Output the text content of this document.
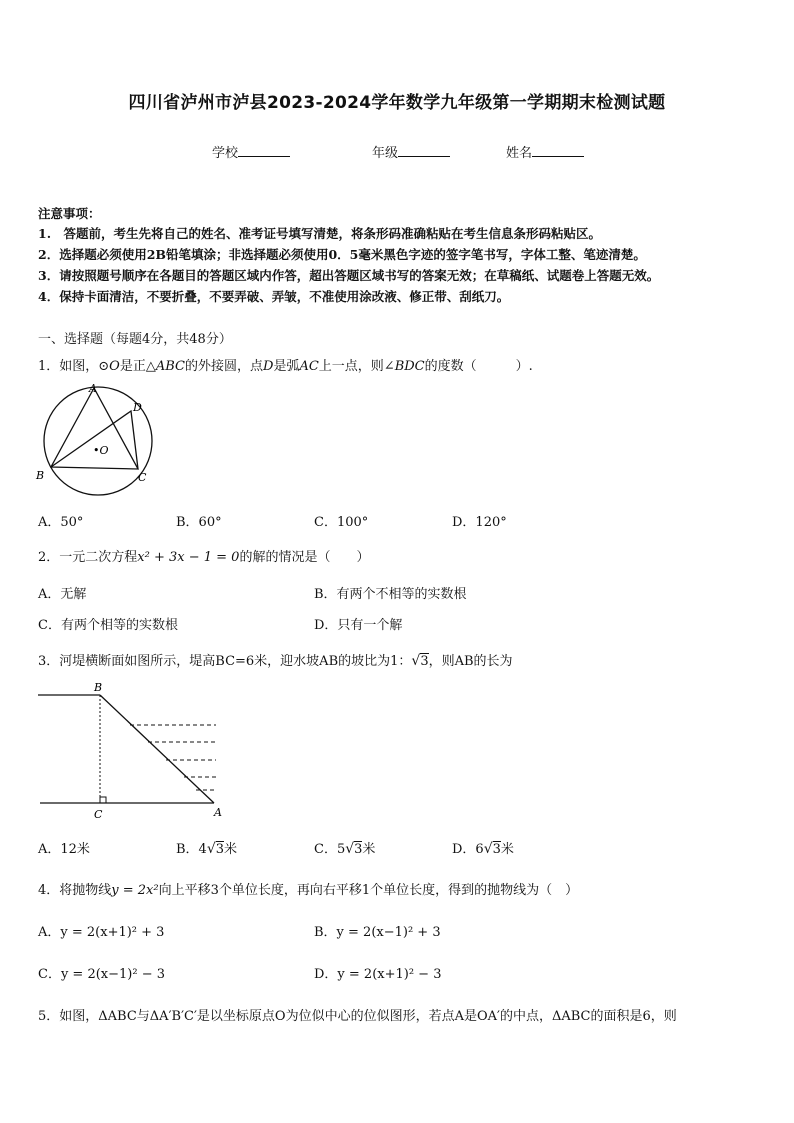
四川省泸州市泸县2023-2024学年数学九年级第一学期期末检测试题
学校	年级	姓名
注意事项：
1.　答题前，考生先将自己的姓名、准考证号填写清楚，将条形码准确粘贴在考生信息条形码粘贴区。
2．选择题必须使用2B铅笔填涂；非选择题必须使用0．5毫米黑色字迹的签字笔书写，字体工整、笔迹清楚。
3．请按照题号顺序在各题目的答题区域内作答，超出答题区域书写的答案无效；在草稿纸、试题卷上答题无效。
4．保持卡面清洁，不要折叠，不要弄破、弄皱，不准使用涂改液、修正带、刮纸刀。
一、选择题（每题4分，共48分）
1．如图，⊙O是正△ABC的外接圆，点D是弧AC上一点，则∠BDC的度数（　　　）.
A
D
B	C
•O
A．50°	B．60°	C．100°	D．120°
2．一元二次方程x² + 3x − 1 = 0的解的情况是（　　）
A．无解	B．有两个不相等的实数根
C．有两个相等的实数根	D．只有一个解
3．河堤横断面如图所示，堤高BC=6米，迎水坡AB的坡比为1：√3，则AB的长为
B
C	A
A．12米	B．4√3米	C．5√3米	D．6√3米
4．将抛物线y = 2x²向上平移3个单位长度，再向右平移1个单位长度，得到的抛物线为（　）
A．y = 2(x+1)² + 3	B．y = 2(x−1)² + 3
C．y = 2(x−1)² − 3	D．y = 2(x+1)² − 3
5．如图，ΔABC与ΔA′B′C′是以坐标原点O为位似中心的位似图形，若点A是OA′的中点，ΔABC的面积是6，则
